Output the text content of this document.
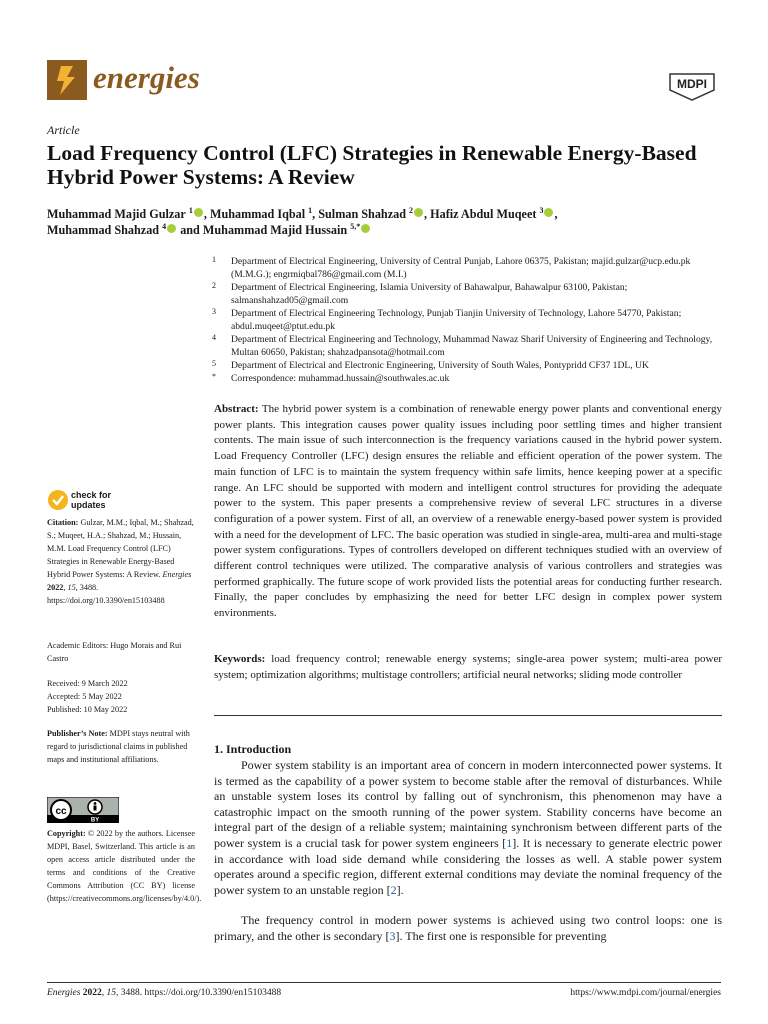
energies	MDPI
Article
Load Frequency Control (LFC) Strategies in Renewable Energy-Based Hybrid Power Systems: A Review
Muhammad Majid Gulzar $^1$ , Muhammad Iqbal $^1$, Sulman Shahzad $^2$ , Hafiz Abdul Muqeet $^3$ ,
Muhammad Shahzad $^4$ and Muhammad Majid Hussain $^{5,*}$
1 Department of Electrical Engineering, University of Central Punjab, Lahore 06375, Pakistan; majid.gulzar@ucp.edu.pk (M.M.G.); engrmiqbal786@gmail.com (M.I.)
2 Department of Electrical Engineering, Islamia University of Bahawalpur, Bahawalpur 63100, Pakistan; salmanshahzad05@gmail.com
3 Department of Electrical Engineering Technology, Punjab Tianjin University of Technology, Lahore 54770, Pakistan; abdul.muqeet@ptut.edu.pk
4 Department of Electrical Engineering and Technology, Muhammad Nawaz Sharif University of Engineering and Technology, Multan 60650, Pakistan; shahzadpansota@hotmail.com
5 Department of Electrical and Electronic Engineering, University of South Wales, Pontypridd CF37 1DL, UK
* Correspondence: muhammad.hussain@southwales.ac.uk

Abstract: The hybrid power system is a combination of renewable energy power plants and conventional energy power plants. This integration causes power quality issues including poor settling times and higher transient contents. The main issue of such interconnection is the frequency variations caused in the hybrid power system. Load Frequency Controller (LFC) design ensures the reliable and efficient operation of the power system. The main function of LFC is to maintain the system frequency within safe limits, hence keeping power at a specific range. An LFC should be supported with modern and intelligent control structures for providing the adequate power to the system. This paper presents a comprehensive review of several LFC structures in a diverse configuration of a power system. First of all, an overview of a renewable energy-based power system is provided with a need for the development of LFC. The basic operation was studied in single-area, multi-area and multi-stage power system configurations. Types of controllers developed on different techniques studied with an overview of different control techniques were utilized. The comparative analysis of various controllers and strategies was performed graphically. The future scope of work provided lists the potential areas for conducting further research. Finally, the paper concludes by emphasizing the need for better LFC design in complex power system environments.

Keywords: load frequency control; renewable energy systems; single-area power system; multi-area power system; optimization algorithms; multistage controllers; artificial neural networks; sliding mode controller

1. Introduction

Power system stability is an important area of concern in modern interconnected power systems. It is termed as the capability of a power system to become stable after the removal of disturbances. While an unstable system loses its control by falling out of synchronism, this phenomenon may have a catastrophic impact on the smooth running of the power system. Stability concerns have become an integral part of the design of a reliable system; maintaining synchronism between different parts of the power system is a crucial task for power system engineers [1]. It is necessary to generate electric power in accordance with load side demand while considering the losses as well. A stable power system operates around a specific region, different external conditions may deviate the nominal frequency of the power system to an unstable region [2].

The frequency control in modern power systems is achieved using two control loops: one is primary, and the other is secondary [3]. The first one is responsible for preventing

check for
updates

Citation: Gulzar, M.M.; Iqbal, M.; Shahzad, S.; Muqeet, H.A.; Shahzad, M.; Hussain, M.M. Load Frequency Control (LFC) Strategies in Renewable Energy-Based Hybrid Power Systems: A Review. Energies 2022, 15, 3488. https://doi.org/10.3390/en15103488

Academic Editors: Hugo Morais and Rui Castro

Received: 9 March 2022
Accepted: 5 May 2022
Published: 10 May 2022

Publisher’s Note: MDPI stays neutral with regard to jurisdictional claims in published maps and institutional affiliations.

cc
BY

Copyright: © 2022 by the authors. Licensee MDPI, Basel, Switzerland. This article is an open access article distributed under the terms and conditions of the Creative Commons Attribution (CC BY) license (https://creativecommons.org/licenses/by/4.0/).

Energies 2022, 15, 3488. https://doi.org/10.3390/en15103488	https://www.mdpi.com/journal/energies
